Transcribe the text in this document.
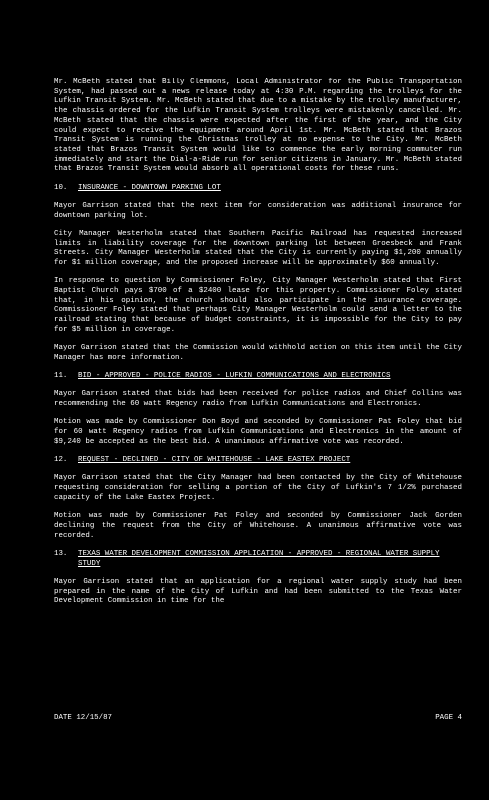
Mr. McBeth stated that Billy Clemmons, Local Administrator for the Public Transportation System, had passed out a news release today at 4:30 P.M. regarding the trolleys for the Lufkin Transit System. Mr. McBeth stated that due to a mistake by the trolley manufacturer, the chassis ordered for the Lufkin Transit System trolleys were mistakenly cancelled. Mr. McBeth stated that the chassis were expected after the first of the year, and the City could expect to receive the equipment around April 1st. Mr. McBeth stated that Brazos Transit System is running the Christmas trolley at no expense to the City. Mr. McBeth stated that Brazos Transit System would like to commence the early morning commuter run immediately and start the Dial-a-Ride run for senior citizens in January. Mr. McBeth stated that Brazos Transit System would absorb all operational costs for these runs.

10.	INSURANCE - DOWNTOWN PARKING LOT

Mayor Garrison stated that the next item for consideration was additional insurance for downtown parking lot.

City Manager Westerholm stated that Southern Pacific Railroad has requested increased limits in liability coverage for the downtown parking lot between Groesbeck and Frank Streets. City Manager Westerholm stated that the City is currently paying $1,200 annually for $1 million coverage, and the proposed increase will be approximately $60 annually.

In response to question by Commissioner Foley, City Manager Westerholm stated that First Baptist Church pays $700 of a $2400 lease for this property. Commissioner Foley stated that, in his opinion, the church should also participate in the insurance coverage. Commissioner Foley stated that perhaps City Manager Westerholm could send a letter to the railroad stating that because of budget constraints, it is impossible for the City to pay for $5 million in coverage.

Mayor Garrison stated that the Commission would withhold action on this item until the City Manager has more information.

11.	BID - APPROVED - POLICE RADIOS - LUFKIN COMMUNICATIONS AND ELECTRONICS

Mayor Garrison stated that bids had been received for police radios and Chief Collins was recommending the 60 watt Regency radio from Lufkin Communications and Electronics.

Motion was made by Commissioner Don Boyd and seconded by Commissioner Pat Foley that bid for 60 watt Regency radios from Lufkin Communications and Electronics in the amount of $9,240 be accepted as the best bid. A unanimous affirmative vote was recorded.

12.	REQUEST - DECLINED - CITY OF WHITEHOUSE - LAKE EASTEX PROJECT

Mayor Garrison stated that the City Manager had been contacted by the City of Whitehouse requesting consideration for selling a portion of the City of Lufkin's 7 1/2% purchased capacity of the Lake Eastex Project.

Motion was made by Commissioner Pat Foley and seconded by Commissioner Jack Gorden declining the request from the City of Whitehouse. A unanimous affirmative vote was recorded.

13.	TEXAS WATER DEVELOPMENT COMMISSION APPLICATION - APPROVED - REGIONAL WATER SUPPLY STUDY

Mayor Garrison stated that an application for a regional water supply study had been prepared in the name of the City of Lufkin and had been submitted to the Texas Water Development Commission in time for the

DATE 12/15/87	PAGE 4
